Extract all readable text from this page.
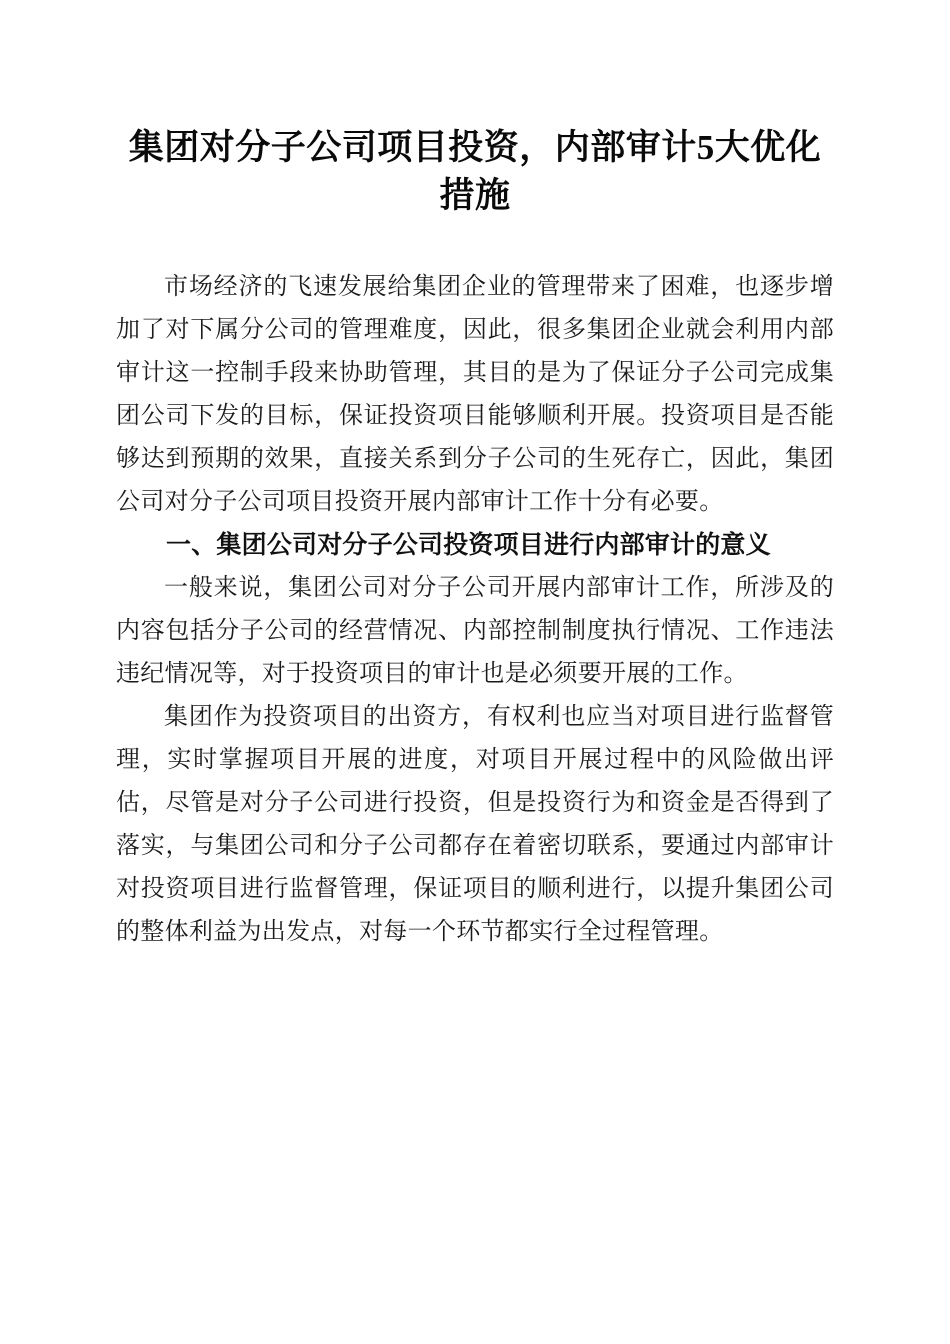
集团对分子公司项目投资，内部审计5大优化措施

市场经济的飞速发展给集团企业的管理带来了困难，也逐步增加了对下属分公司的管理难度，因此，很多集团企业就会利用内部审计这一控制手段来协助管理，其目的是为了保证分子公司完成集团公司下发的目标，保证投资项目能够顺利开展。投资项目是否能够达到预期的效果，直接关系到分子公司的生死存亡，因此，集团公司对分子公司项目投资开展内部审计工作十分有必要。

一、集团公司对分子公司投资项目进行内部审计的意义

一般来说，集团公司对分子公司开展内部审计工作，所涉及的内容包括分子公司的经营情况、内部控制制度执行情况、工作违法违纪情况等，对于投资项目的审计也是必须要开展的工作。

集团作为投资项目的出资方，有权利也应当对项目进行监督管理，实时掌握项目开展的进度，对项目开展过程中的风险做出评估，尽管是对分子公司进行投资，但是投资行为和资金是否得到了落实，与集团公司和分子公司都存在着密切联系，要通过内部审计对投资项目进行监督管理，保证项目的顺利进行，以提升集团公司的整体利益为出发点，对每一个环节都实行全过程管理。
